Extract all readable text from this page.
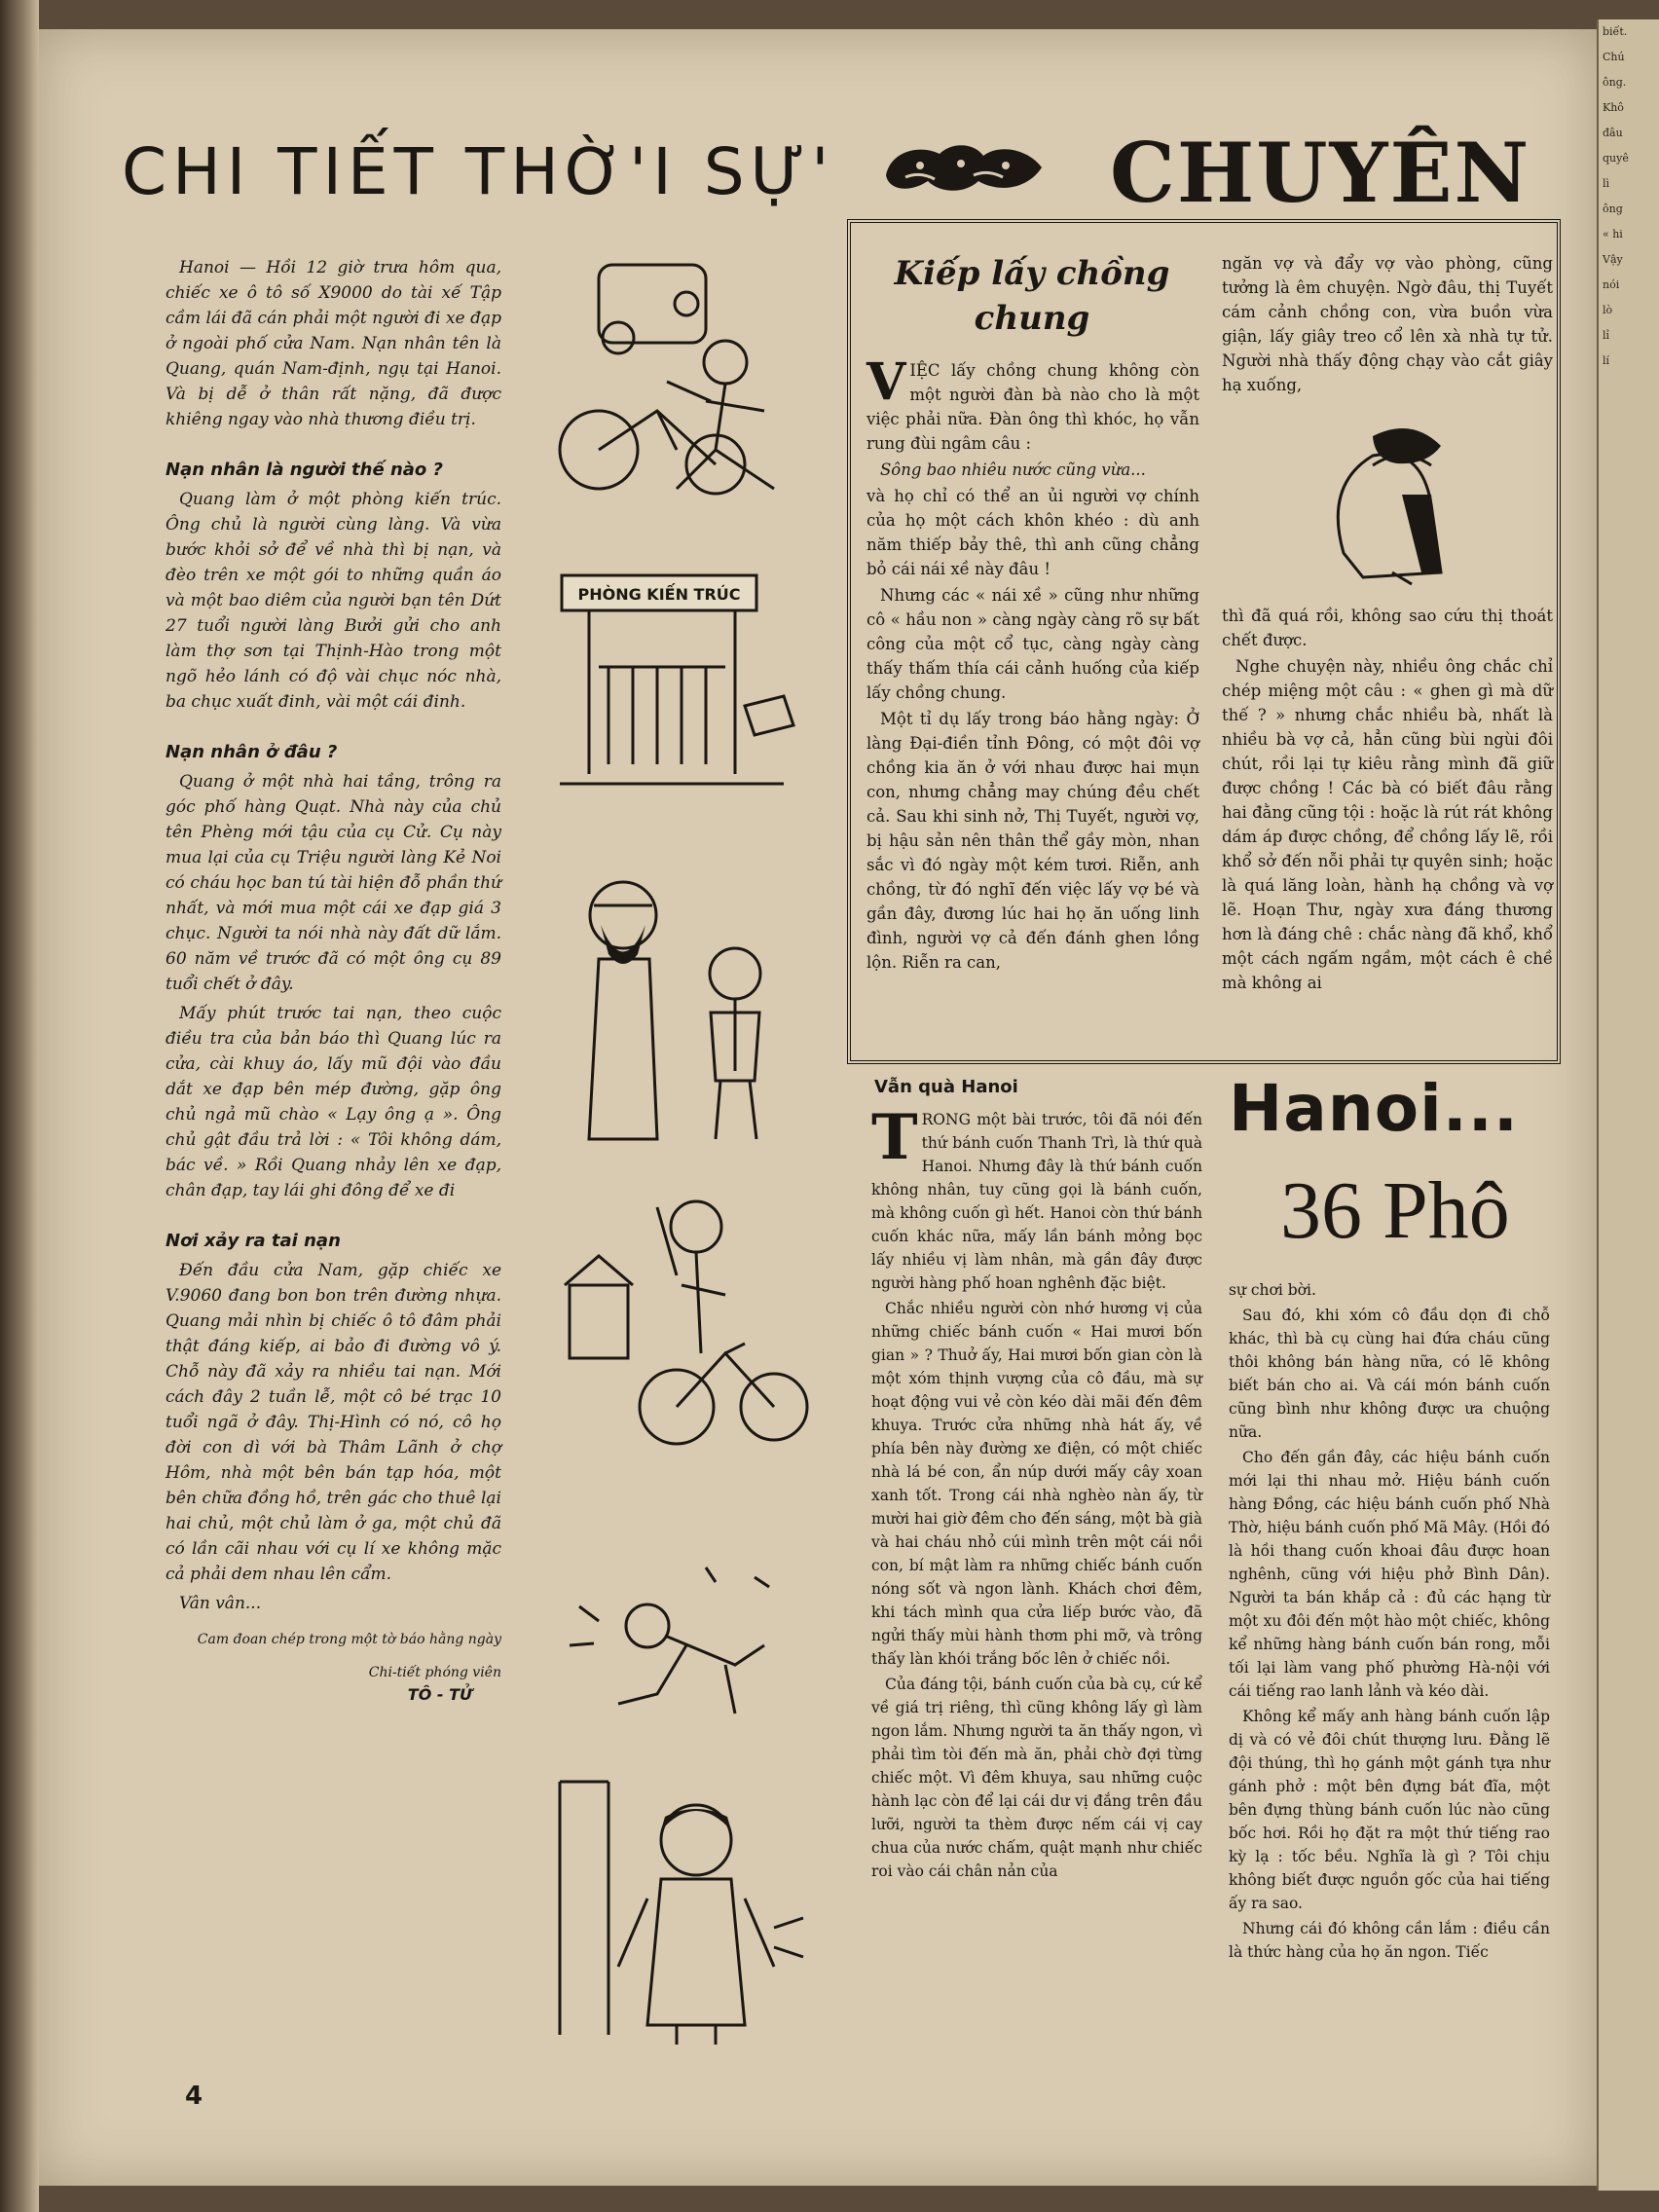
biết.

Chú

ông.

Khô

đâu

quyê

lì

ông

« hi

Vậy

nói

lò

lỉ

lí

CHI TIẾT THỜ'I SỰ'	CHUYÊN

Hanoi — Hồi 12 giờ trưa hôm qua, chiếc xe ô tô số X9000 do tài xế Tập cầm lái đã cán phải một người đi xe đạp ở ngoài phố cửa Nam. Nạn nhân tên là Quang, quán Nam-định, ngụ tại Hanoi. Và bị dễ ở thân rất nặng, đã được khiêng ngay vào nhà thương điều trị.

Nạn nhân là người thế nào ?

Quang làm ở một phòng kiến trúc. Ông chủ là người cùng làng. Và vừa bước khỏi sở để về nhà thì bị nạn, và đèo trên xe một gói to những quần áo và một bao diêm của người bạn tên Dứt 27 tuổi người làng Bưởi gửi cho anh làm thợ sơn tại Thịnh-Hào trong một ngõ hẻo lánh có độ vài chục nóc nhà, ba chục xuất đinh, vài một cái đinh.

Nạn nhân ở đâu ?

Quang ở một nhà hai tầng, trông ra góc phố hàng Quạt. Nhà này của chủ tên Phèng mới tậu của cụ Cử. Cụ này mua lại của cụ Triệu người làng Kẻ Noi có cháu học ban tú tài hiện đỗ phần thứ nhất, và mới mua một cái xe đạp giá 3 chục. Người ta nói nhà này đất dữ lắm. 60 năm về trước đã có một ông cụ 89 tuổi chết ở đây.

Mấy phút trước tai nạn, theo cuộc điều tra của bản báo thì Quang lúc ra cửa, cài khuy áo, lấy mũ đội vào đầu dắt xe đạp bên mép đường, gặp ông chủ ngả mũ chào « Lạy ông ạ ». Ông chủ gật đầu trả lời : « Tôi không dám, bác về. » Rồi Quang nhảy lên xe đạp, chân đạp, tay lái ghi đông để xe đi

Nơi xảy ra tai nạn

Đến đầu cửa Nam, gặp chiếc xe V.9060 đang bon bon trên đường nhựa. Quang mải nhìn bị chiếc ô tô đâm phải thật đáng kiếp, ai bảo đi đường vô ý. Chỗ này đã xảy ra nhiều tai nạn. Mới cách đây 2 tuần lễ, một cô bé trạc 10 tuổi ngã ở đây. Thị-Hình có nó, cô họ đời con dì với bà Thâm Lãnh ở chợ Hôm, nhà một bên bán tạp hóa, một bên chữa đồng hồ, trên gác cho thuê lại hai chủ, một chủ làm ở ga, một chủ đã có lần cãi nhau với cụ lí xe không mặc cả phải dem nhau lên cẩm.

Vân vân...

Cam đoan chép trong một tờ báo hằng ngày
Chi-tiết phóng viên
TÔ - TỬ
4
PHÒNG KIẾN TRÚC
Kiếp lấy chồng chung

VIỆC lấy chồng chung không còn một người đàn bà nào cho là một việc phải nữa. Đàn ông thì khóc, họ vẫn rung đùi ngâm câu :

Sông bao nhiêu nước cũng vừa...

và họ chỉ có thể an ủi người vợ chính của họ một cách khôn khéo : dù anh năm thiếp bảy thê, thì anh cũng chẳng bỏ cái nái xề này đâu !

Nhưng các « nái xề » cũng như những cô « hầu non » càng ngày càng rõ sự bất công của một cổ tục, càng ngày càng thấy thấm thía cái cảnh huống của kiếp lấy chồng chung.

Một tỉ dụ lấy trong báo hằng ngày: Ở làng Đại-điền tỉnh Đông, có một đôi vợ chồng kia ăn ở với nhau được hai mụn con, nhưng chẳng may chúng đều chết cả. Sau khi sinh nở, Thị Tuyết, người vợ, bị hậu sản nên thân thể gầy mòn, nhan sắc vì đó ngày một kém tươi. Riễn, anh chồng, từ đó nghĩ đến việc lấy vợ bé và gần đây, đương lúc hai họ ăn uống linh đình, người vợ cả đến đánh ghen lồng lộn. Riễn ra can,

ngăn vợ và đẩy vợ vào phòng, cũng tưởng là êm chuyện. Ngờ đâu, thị Tuyết cám cảnh chồng con, vừa buồn vừa giận, lấy giây treo cổ lên xà nhà tự tử. Người nhà thấy động chạy vào cắt giây hạ xuống,

thì đã quá rồi, không sao cứu thị thoát chết được.

Nghe chuyện này, nhiều ông chắc chỉ chép miệng một câu : « ghen gì mà dữ thế ? » nhưng chắc nhiều bà, nhất là nhiều bà vợ cả, hẳn cũng bùi ngùi đôi chút, rồi lại tự kiêu rằng mình đã giữ được chồng ! Các bà có biết đâu rằng hai đằng cũng tội : hoặc là rút rát không dám áp được chồng, để chồng lấy lẽ, rồi khổ sở đến nỗi phải tự quyên sinh; hoặc là quá lăng loàn, hành hạ chồng và vợ lẽ. Hoạn Thư, ngày xưa đáng thương hơn là đáng chê : chắc nàng đã khổ, khổ một cách ngấm ngầm, một cách ê chề mà không ai

Vẫn quà Hanoi

TRONG một bài trước, tôi đã nói đến thứ bánh cuốn Thanh Trì, là thứ quà Hanoi. Nhưng đây là thứ bánh cuốn không nhân, tuy cũng gọi là bánh cuốn, mà không cuốn gì hết. Hanoi còn thứ bánh cuốn khác nữa, mấy lần bánh mỏng bọc lấy nhiều vị làm nhân, mà gần đây được người hàng phố hoan nghênh đặc biệt.

Chắc nhiều người còn nhớ hương vị của những chiếc bánh cuốn « Hai mươi bốn gian » ? Thuở ấy, Hai mươi bốn gian còn là một xóm thịnh vượng của cô đầu, mà sự hoạt động vui vẻ còn kéo dài mãi đến đêm khuya. Trước cửa những nhà hát ấy, về phía bên này đường xe điện, có một chiếc nhà lá bé con, ẩn núp dưới mấy cây xoan xanh tốt. Trong cái nhà nghèo nàn ấy, từ mười hai giờ đêm cho đến sáng, một bà già và hai cháu nhỏ cúi mình trên một cái nồi con, bí mật làm ra những chiếc bánh cuốn nóng sốt và ngon lành. Khách chơi đêm, khi tách mình qua cửa liếp bước vào, đã ngửi thấy mùi hành thơm phi mỡ, và trông thấy làn khói trắng bốc lên ở chiếc nồi.

Của đáng tội, bánh cuốn của bà cụ, cứ kể về giá trị riêng, thì cũng không lấy gì làm ngon lắm. Nhưng người ta ăn thấy ngon, vì phải tìm tòi đến mà ăn, phải chờ đợi từng chiếc một. Vì đêm khuya, sau những cuộc hành lạc còn để lại cái dư vị đắng trên đầu lưỡi, người ta thèm được nếm cái vị cay chua của nước chấm, quật mạnh như chiếc roi vào cái chân nản của

Hanoi...
36 Phô

sự chơi bời.

Sau đó, khi xóm cô đầu dọn đi chỗ khác, thì bà cụ cùng hai đứa cháu cũng thôi không bán hàng nữa, có lẽ không biết bán cho ai. Và cái món bánh cuốn cũng bình như không được ưa chuộng nữa.

Cho đến gần đây, các hiệu bánh cuốn mới lại thi nhau mở. Hiệu bánh cuốn hàng Đồng, các hiệu bánh cuốn phố Nhà Thờ, hiệu bánh cuốn phố Mã Mây. (Hồi đó là hồi thang cuốn khoai đâu được hoan nghênh, cũng với hiệu phở Bình Dân). Người ta bán khắp cả : đủ các hạng từ một xu đôi đến một hào một chiếc, không kể những hàng bánh cuốn bán rong, mỗi tối lại làm vang phố phường Hà-nội với cái tiếng rao lanh lảnh và kéo dài.

Không kể mấy anh hàng bánh cuốn lập dị và có vẻ đôi chút thượng lưu. Đằng lẽ đội thúng, thì họ gánh một gánh tựa như gánh phở : một bên đựng bát đĩa, một bên đựng thùng bánh cuốn lúc nào cũng bốc hơi. Rồi họ đặt ra một thứ tiếng rao kỳ lạ : tốc bều. Nghĩa là gì ? Tôi chịu không biết được nguồn gốc của hai tiếng ấy ra sao.

Nhưng cái đó không cần lắm : điều cần là thức hàng của họ ăn ngon. Tiếc
